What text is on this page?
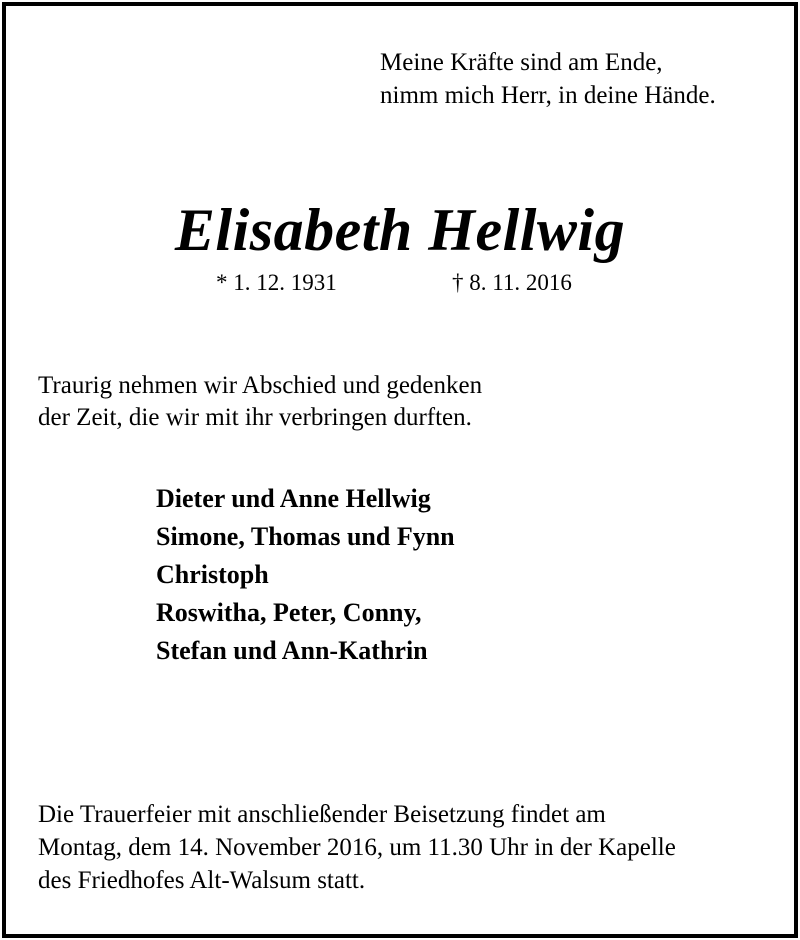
Meine Kräfte sind am Ende,
nimm mich Herr, in deine Hände.
Elisabeth Hellwig
* 1. 12. 1931	† 8. 11. 2016
Traurig nehmen wir Abschied und gedenken
der Zeit, die wir mit ihr verbringen durften.
Dieter und Anne Hellwig
Simone, Thomas und Fynn
Christoph
Roswitha, Peter, Conny,
Stefan und Ann-Kathrin
Die Trauerfeier mit anschließender Beisetzung findet am
Montag, dem 14. November 2016, um 11.30 Uhr in der Kapelle
des Friedhofes Alt-Walsum statt.
